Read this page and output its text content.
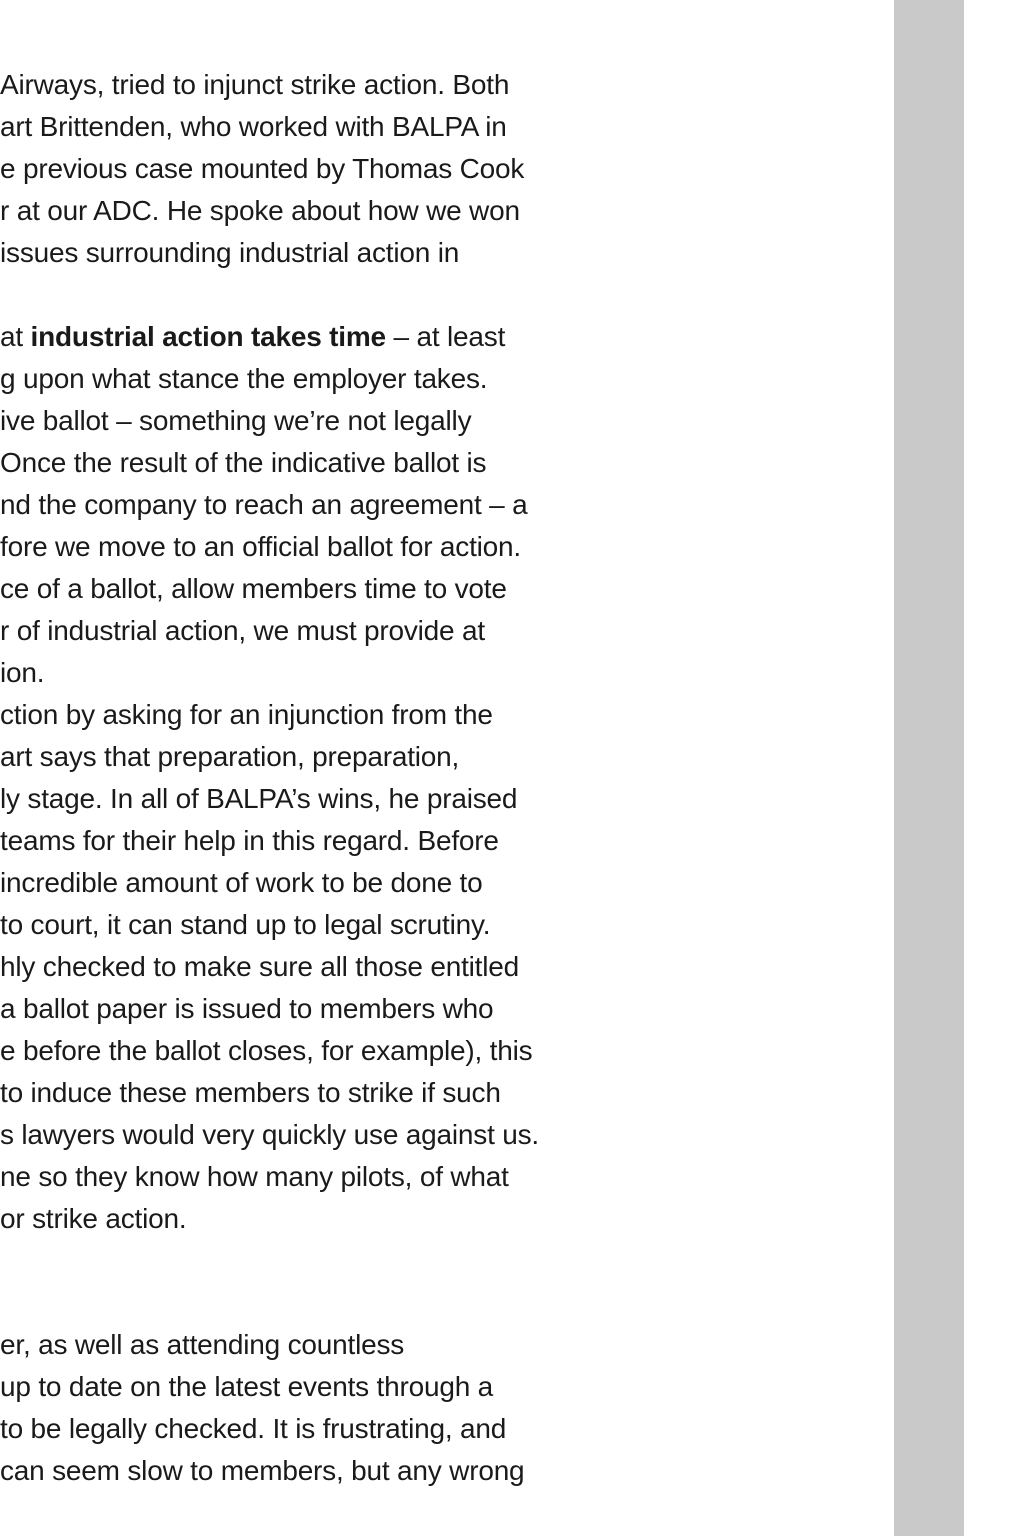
Airways, tried to injunct strike action. Both
art Brittenden, who worked with BALPA in
e previous case mounted by Thomas Cook
r at our ADC. He spoke about how we won
issues surrounding industrial action in
at industrial action takes time – at least
g upon what stance the employer takes.
ive ballot – something we’re not legally
Once the result of the indicative ballot is
nd the company to reach an agreement – a
fore we move to an official ballot for action.
ce of a ballot, allow members time to vote
r of industrial action, we must provide at
ion.
ction by asking for an injunction from the
art says that preparation, preparation,
ly stage. In all of BALPA’s wins, he praised
teams for their help in this regard. Before
incredible amount of work to be done to
to court, it can stand up to legal scrutiny.
hly checked to make sure all those entitled
a ballot paper is issued to members who
e before the ballot closes, for example), this
to induce these members to strike if such
s lawyers would very quickly use against us.
ne so they know how many pilots, of what
or strike action.
er, as well as attending countless
up to date on the latest events through a
to be legally checked. It is frustrating, and
can seem slow to members, but any wrong
